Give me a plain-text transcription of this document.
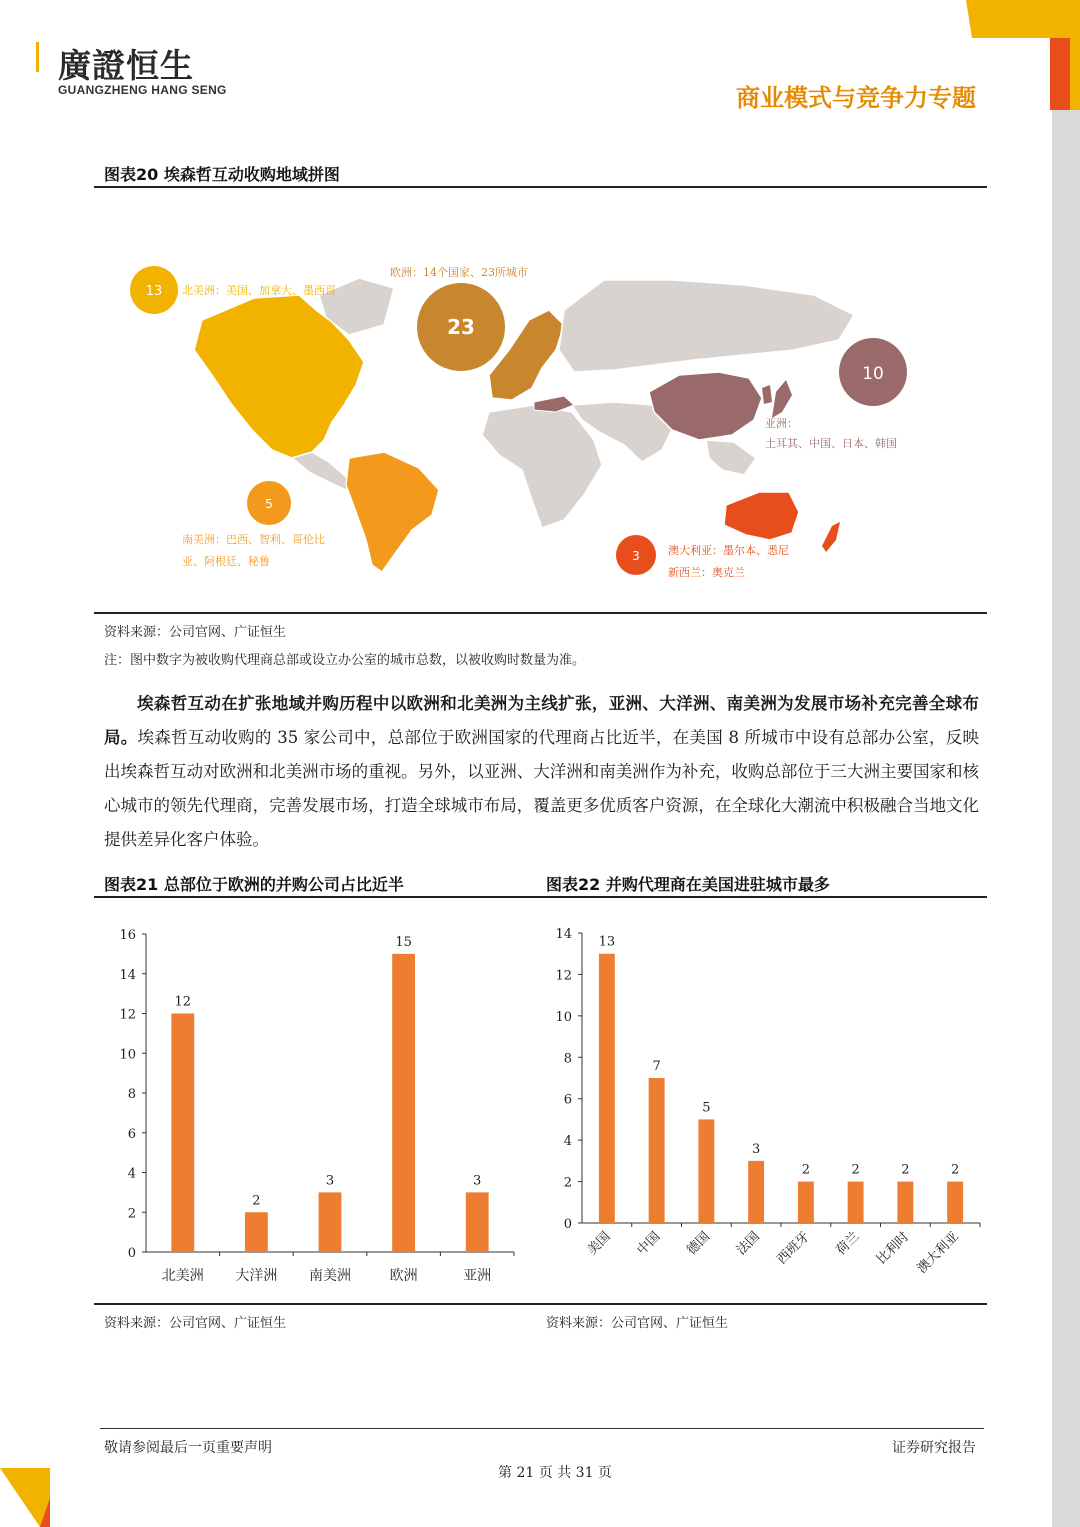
廣證恒生
GUANGZHENG HANG SENG	商业模式与竞争力专题
图表20 埃森哲互动收购地域拼图
13 北美洲：美国、加拿大、墨西哥
23
欧洲：14个国家、23所城市
10
亚洲：
土耳其、中国、日本、韩国
5
南美洲：巴西、智利、哥伦比
亚、阿根廷、秘鲁	3	澳大利亚：墨尔本、悉尼
新西兰：奥克兰
资料来源：公司官网、广证恒生
注：图中数字为被收购代理商总部或设立办公室的城市总数，以被收购时数量为准。
埃森哲互动在扩张地域并购历程中以欧洲和北美洲为主线扩张，亚洲、大洋洲、南美洲为发展市场补充完善全球布局。埃森哲互动收购的 35 家公司中，总部位于欧洲国家的代理商占比近半，在美国 8 所城市中设有总部办公室，反映出埃森哲互动对欧洲和北美洲市场的重视。另外，以亚洲、大洋洲和南美洲作为补充，收购总部位于三大洲主要国家和核心城市的领先代理商，完善发展市场，打造全球城市布局，覆盖更多优质客户资源，在全球化大潮流中积极融合当地文化提供差异化客户体验。
图表21 总部位于欧洲的并购公司占比近半	图表22 并购代理商在美国进驻城市最多
0
2
4
6
8
10
12
14
16
12
北美洲
2
大洋洲
3
南美洲
15
欧洲
3
亚洲
0
2
4
6
8
10
12
14
13
美国
7
中国
5
德国
3
法国
2
西班牙
2
荷兰
2
比利时
2
澳大利亚
资料来源：公司官网、广证恒生	资料来源：公司官网、广证恒生
敬请参阅最后一页重要声明	证券研究报告
第 21 页 共 31 页
